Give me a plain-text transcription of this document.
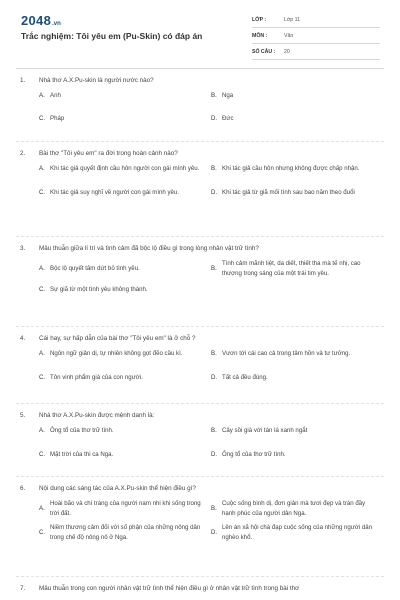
2048.vn
Trắc nghiệm: Tôi yêu em (Pu-Skin) có đáp án
LỚP :	Lớp 11
MÔN :	Văn
SỐ CÂU :	20
1.	Nhà thơ A.X.Pu-skin là người nước nào?
A. Anh	B. Nga
C. Pháp	D. Đức
2.	Bài thơ "Tôi yêu em" ra đời trong hoàn cảnh nào?
A. Khi tác giả quyết định cầu hôn người con gái mình yêu.	B. Khi tác giả cầu hôn nhưng không được chấp nhận.
C. Khi tác giả suy nghĩ về người con gái mình yêu.	D. Khi tác giả từ giã mối tình sau bao năm theo đuổi
3.	Mâu thuẫn giữa lí trí và tình cảm đã bộc lộ điều gì trong lòng nhân vật trữ tình?
A. Bộc lộ quyết tâm dứt bỏ tình yêu.	B.
Tình cảm mãnh liệt, da diết, thiết tha mà tế nhị, cao thượng trong sáng của một trái tim yêu.
C. Sự giã từ một tình yêu không thành.
4.	Cái hay, sự hấp dẫn của bài thơ "Tôi yêu em" là ở chỗ ?
A. Ngôn ngữ giản dị, tự nhiên không gọt đẽo cầu kì.	B. Vươn tới cái cao cả trong tâm hồn và tư tưởng.
C. Tôn vinh phẩm giá của con người.	D. Tất cả đều đúng.
5.	Nhà thơ A.X.Pu-skin được mệnh danh là:
A. Ông tổ của thơ trữ tình.	B. Cây sồi già với tán lá xanh ngắt
C. Mặt trời của thi ca Nga.	D. Ông tổ của thơ trữ tình.
6.	Nội dung các sáng tác của A.X.Pu-skin thể hiện điều gì?
A.
Hoài bão và chí tráng của người nam nhi khi sống trong trời đất.
B.
Cuộc sống bình dị, đơn giản mà tươi đẹp và tràn đầy hạnh phúc của người dân Nga.
C.
Niềm thương cảm đối với số phận của những nông dân trong chế độ nông nô ở Nga.
D.
Lên án xã hội chà đạp cuộc sống của những người dân nghèo khổ.
7.	Mâu thuẫn trong con người nhân vật trữ tình thể hiện điều gì ở nhân vật trữ tình trong bài thơ
